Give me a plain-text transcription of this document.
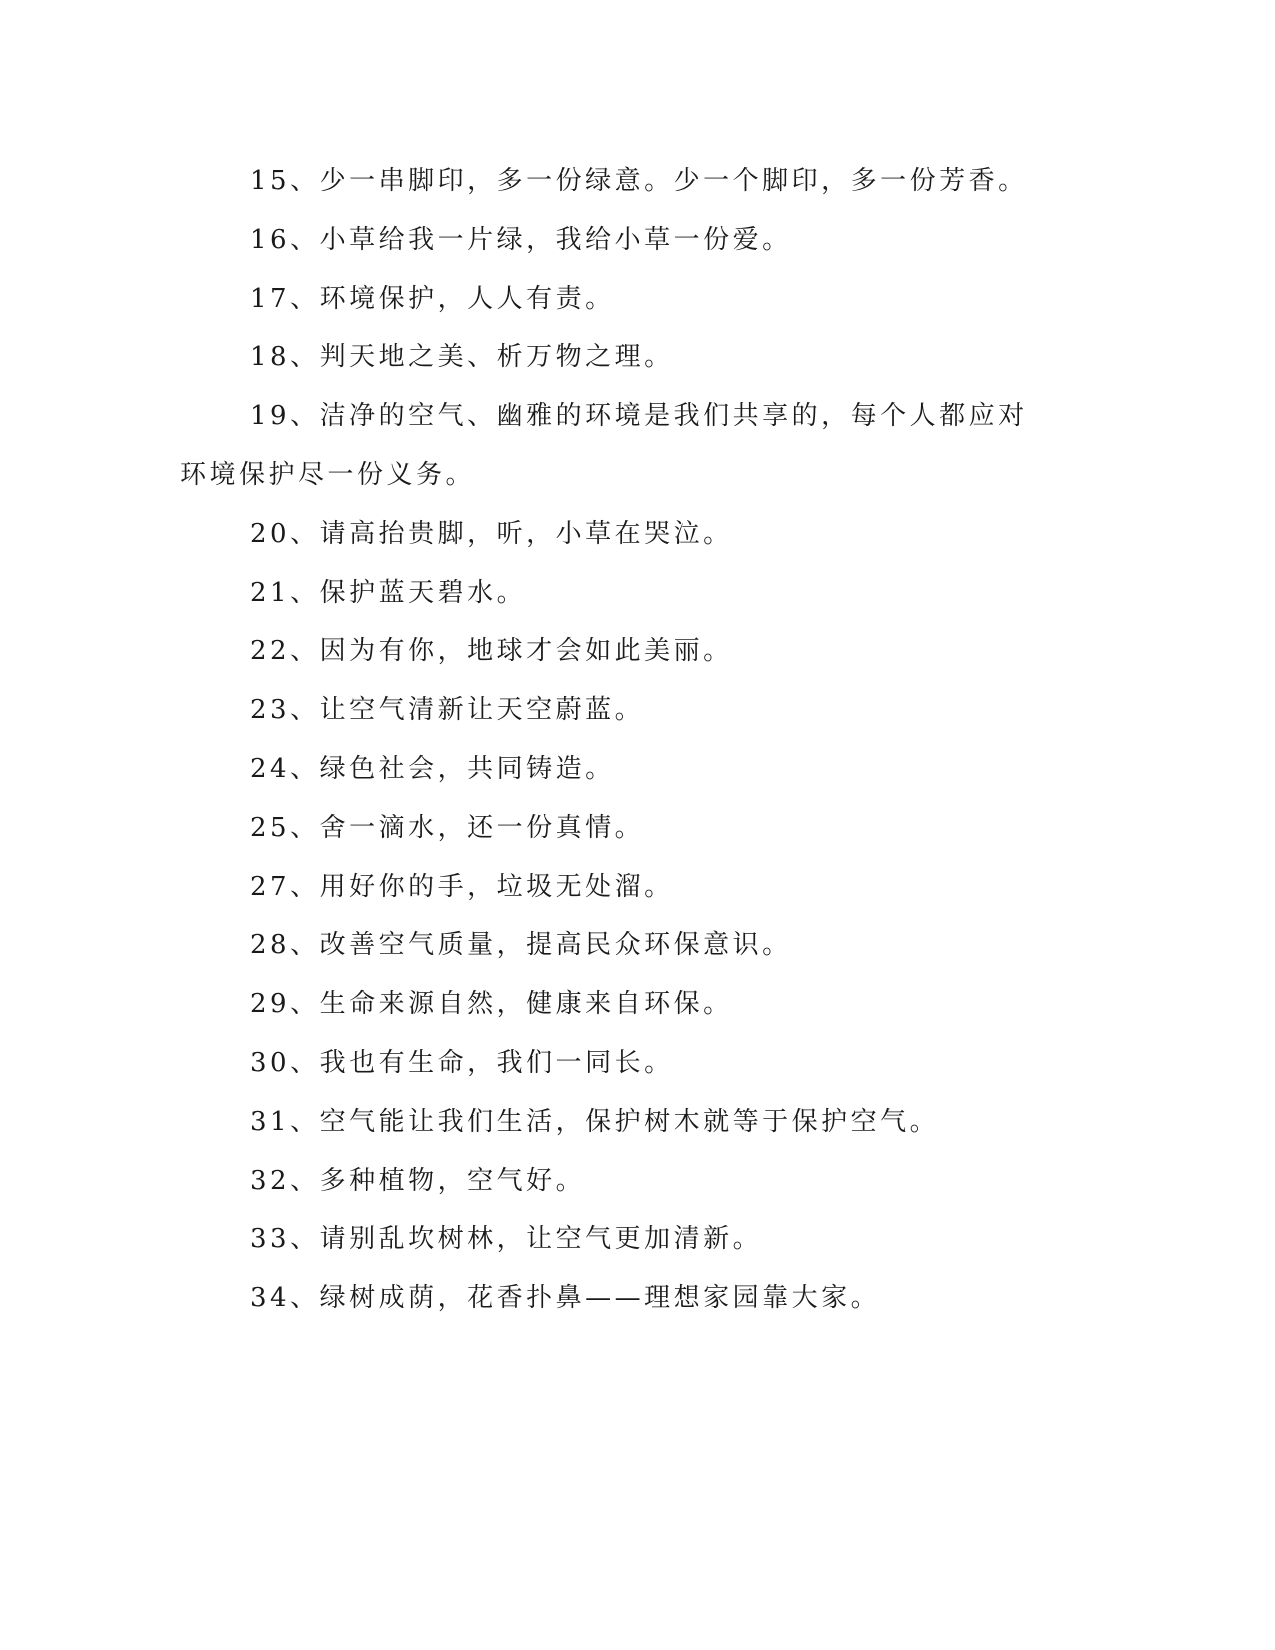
15、少一串脚印，多一份绿意。少一个脚印，多一份芳香。

16、小草给我一片绿，我给小草一份爱。

17、环境保护，人人有责。

18、判天地之美、析万物之理。

19、洁净的空气、幽雅的环境是我们共享的，每个人都应对环境保护尽一份义务。

20、请高抬贵脚，听，小草在哭泣。

21、保护蓝天碧水。

22、因为有你，地球才会如此美丽。

23、让空气清新让天空蔚蓝。

24、绿色社会，共同铸造。

25、舍一滴水，还一份真情。

27、用好你的手，垃圾无处溜。

28、改善空气质量，提高民众环保意识。

29、生命来源自然，健康来自环保。

30、我也有生命，我们一同长。

31、空气能让我们生活，保护树木就等于保护空气。

32、多种植物，空气好。

33、请别乱坎树林，让空气更加清新。

34、绿树成荫，花香扑鼻——理想家园靠大家。
